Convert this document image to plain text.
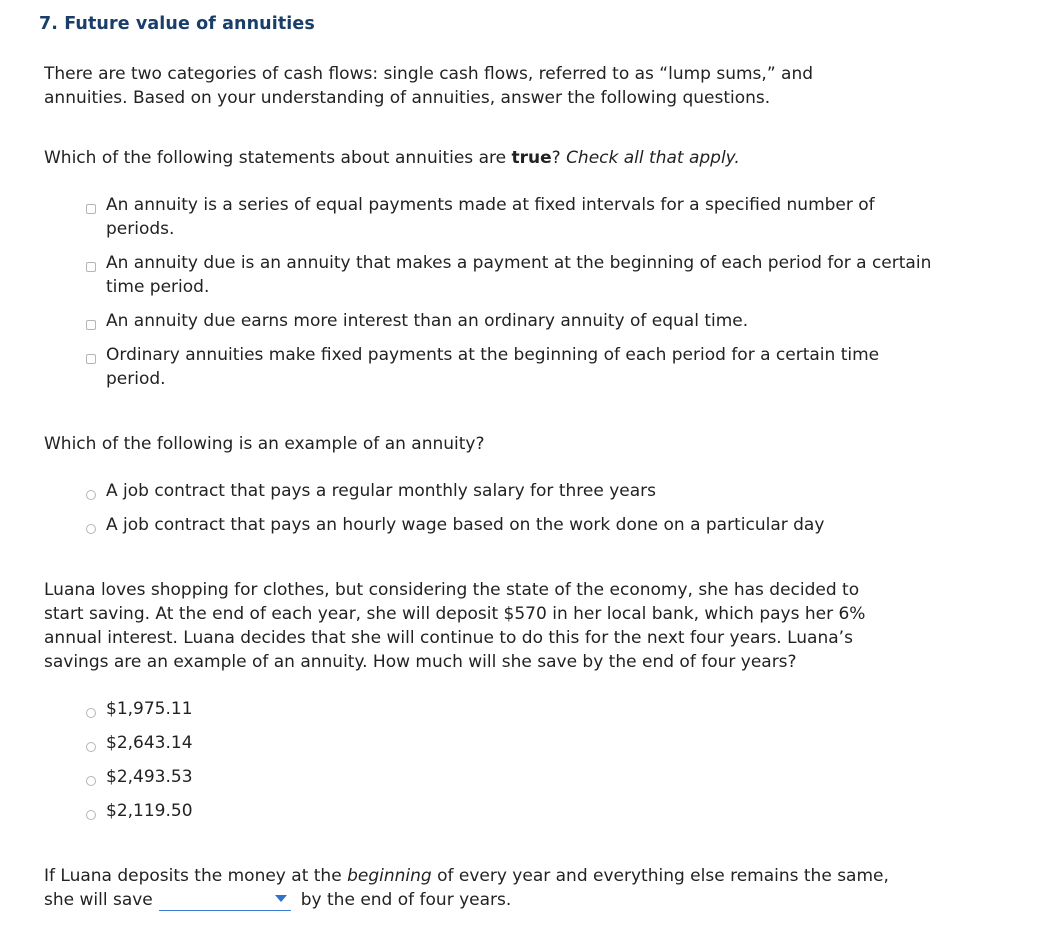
7. Future value of annuities

There are two categories of cash flows: single cash flows, referred to as “lump sums,” and
annuities. Based on your understanding of annuities, answer the following questions.

Which of the following statements about annuities are true? Check all that apply.

An annuity is a series of equal payments made at fixed intervals for a specified number of periods.
An annuity due is an annuity that makes a payment at the beginning of each period for a certain time period.
An annuity due earns more interest than an ordinary annuity of equal time.
Ordinary annuities make fixed payments at the beginning of each period for a certain time period.

Which of the following is an example of an annuity?

A job contract that pays a regular monthly salary for three years
A job contract that pays an hourly wage based on the work done on a particular day

Luana loves shopping for clothes, but considering the state of the economy, she has decided to
start saving. At the end of each year, she will deposit $570 in her local bank, which pays her 6%
annual interest. Luana decides that she will continue to do this for the next four years. Luana’s
savings are an example of an annuity. How much will she save by the end of four years?

$1,975.11
$2,643.14
$2,493.53
$2,119.50

If Luana deposits the money at the beginning of every year and everything else remains the same,
she will save	by the end of four years.
